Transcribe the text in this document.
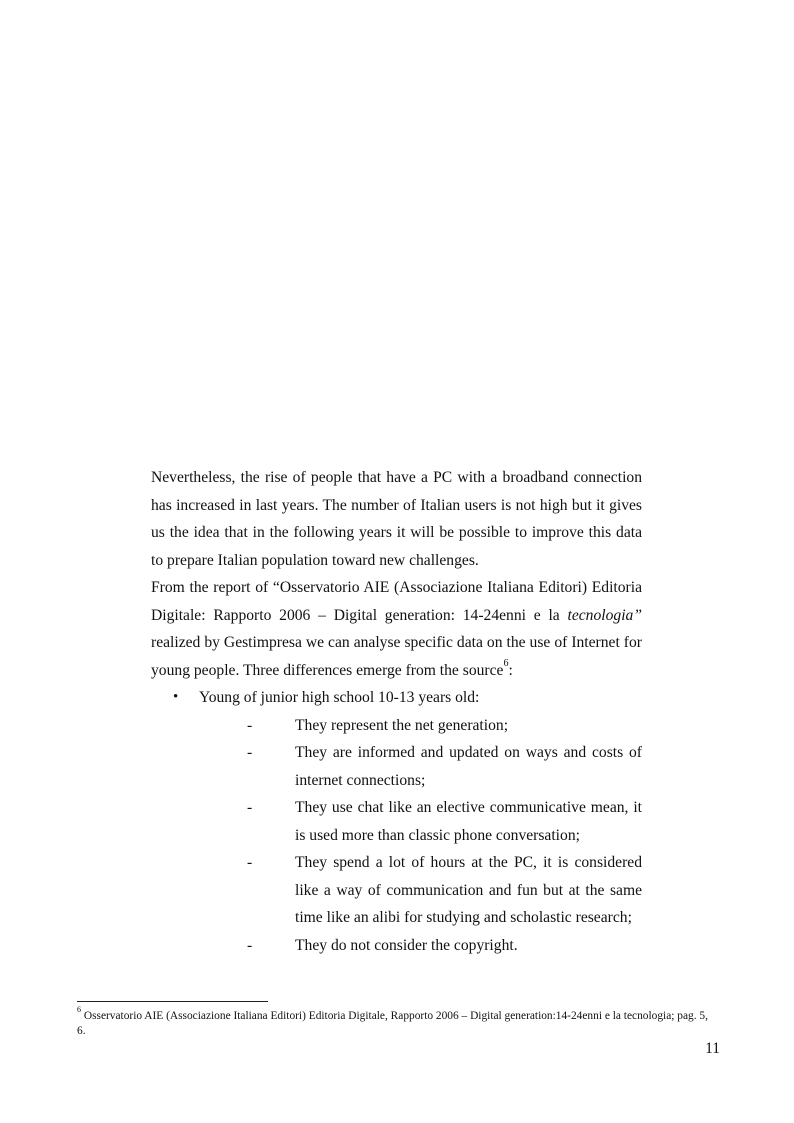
Nevertheless, the rise of people that have a PC with a broadband connection has increased in last years. The number of Italian users is not high but it gives us the idea that in the following years it will be possible to improve this data to prepare Italian population toward new challenges.

From the report of “Osservatorio AIE (Associazione Italiana Editori) Editoria Digitale: Rapporto 2006 – Digital generation: 14-24enni e la tecnologia” realized by Gestimpresa we can analyse specific data on the use of Internet for young people. Three differences emerge from the source$^6$:

• Young of junior high school 10-13 years old:
-	They represent the net generation;
-	They are informed and updated on ways and costs of internet connections;
-	They use chat like an elective communicative mean, it is used more than classic phone conversation;
-	They spend a lot of hours at the PC, it is considered like a way of communication and fun but at the same time like an alibi for studying and scholastic research;
-	They do not consider the copyright.

$^6$ Osservatorio AIE (Associazione Italiana Editori) Editoria Digitale, Rapporto 2006 – Digital generation:14-24enni e la tecnologia; pag. 5, 6.

11
